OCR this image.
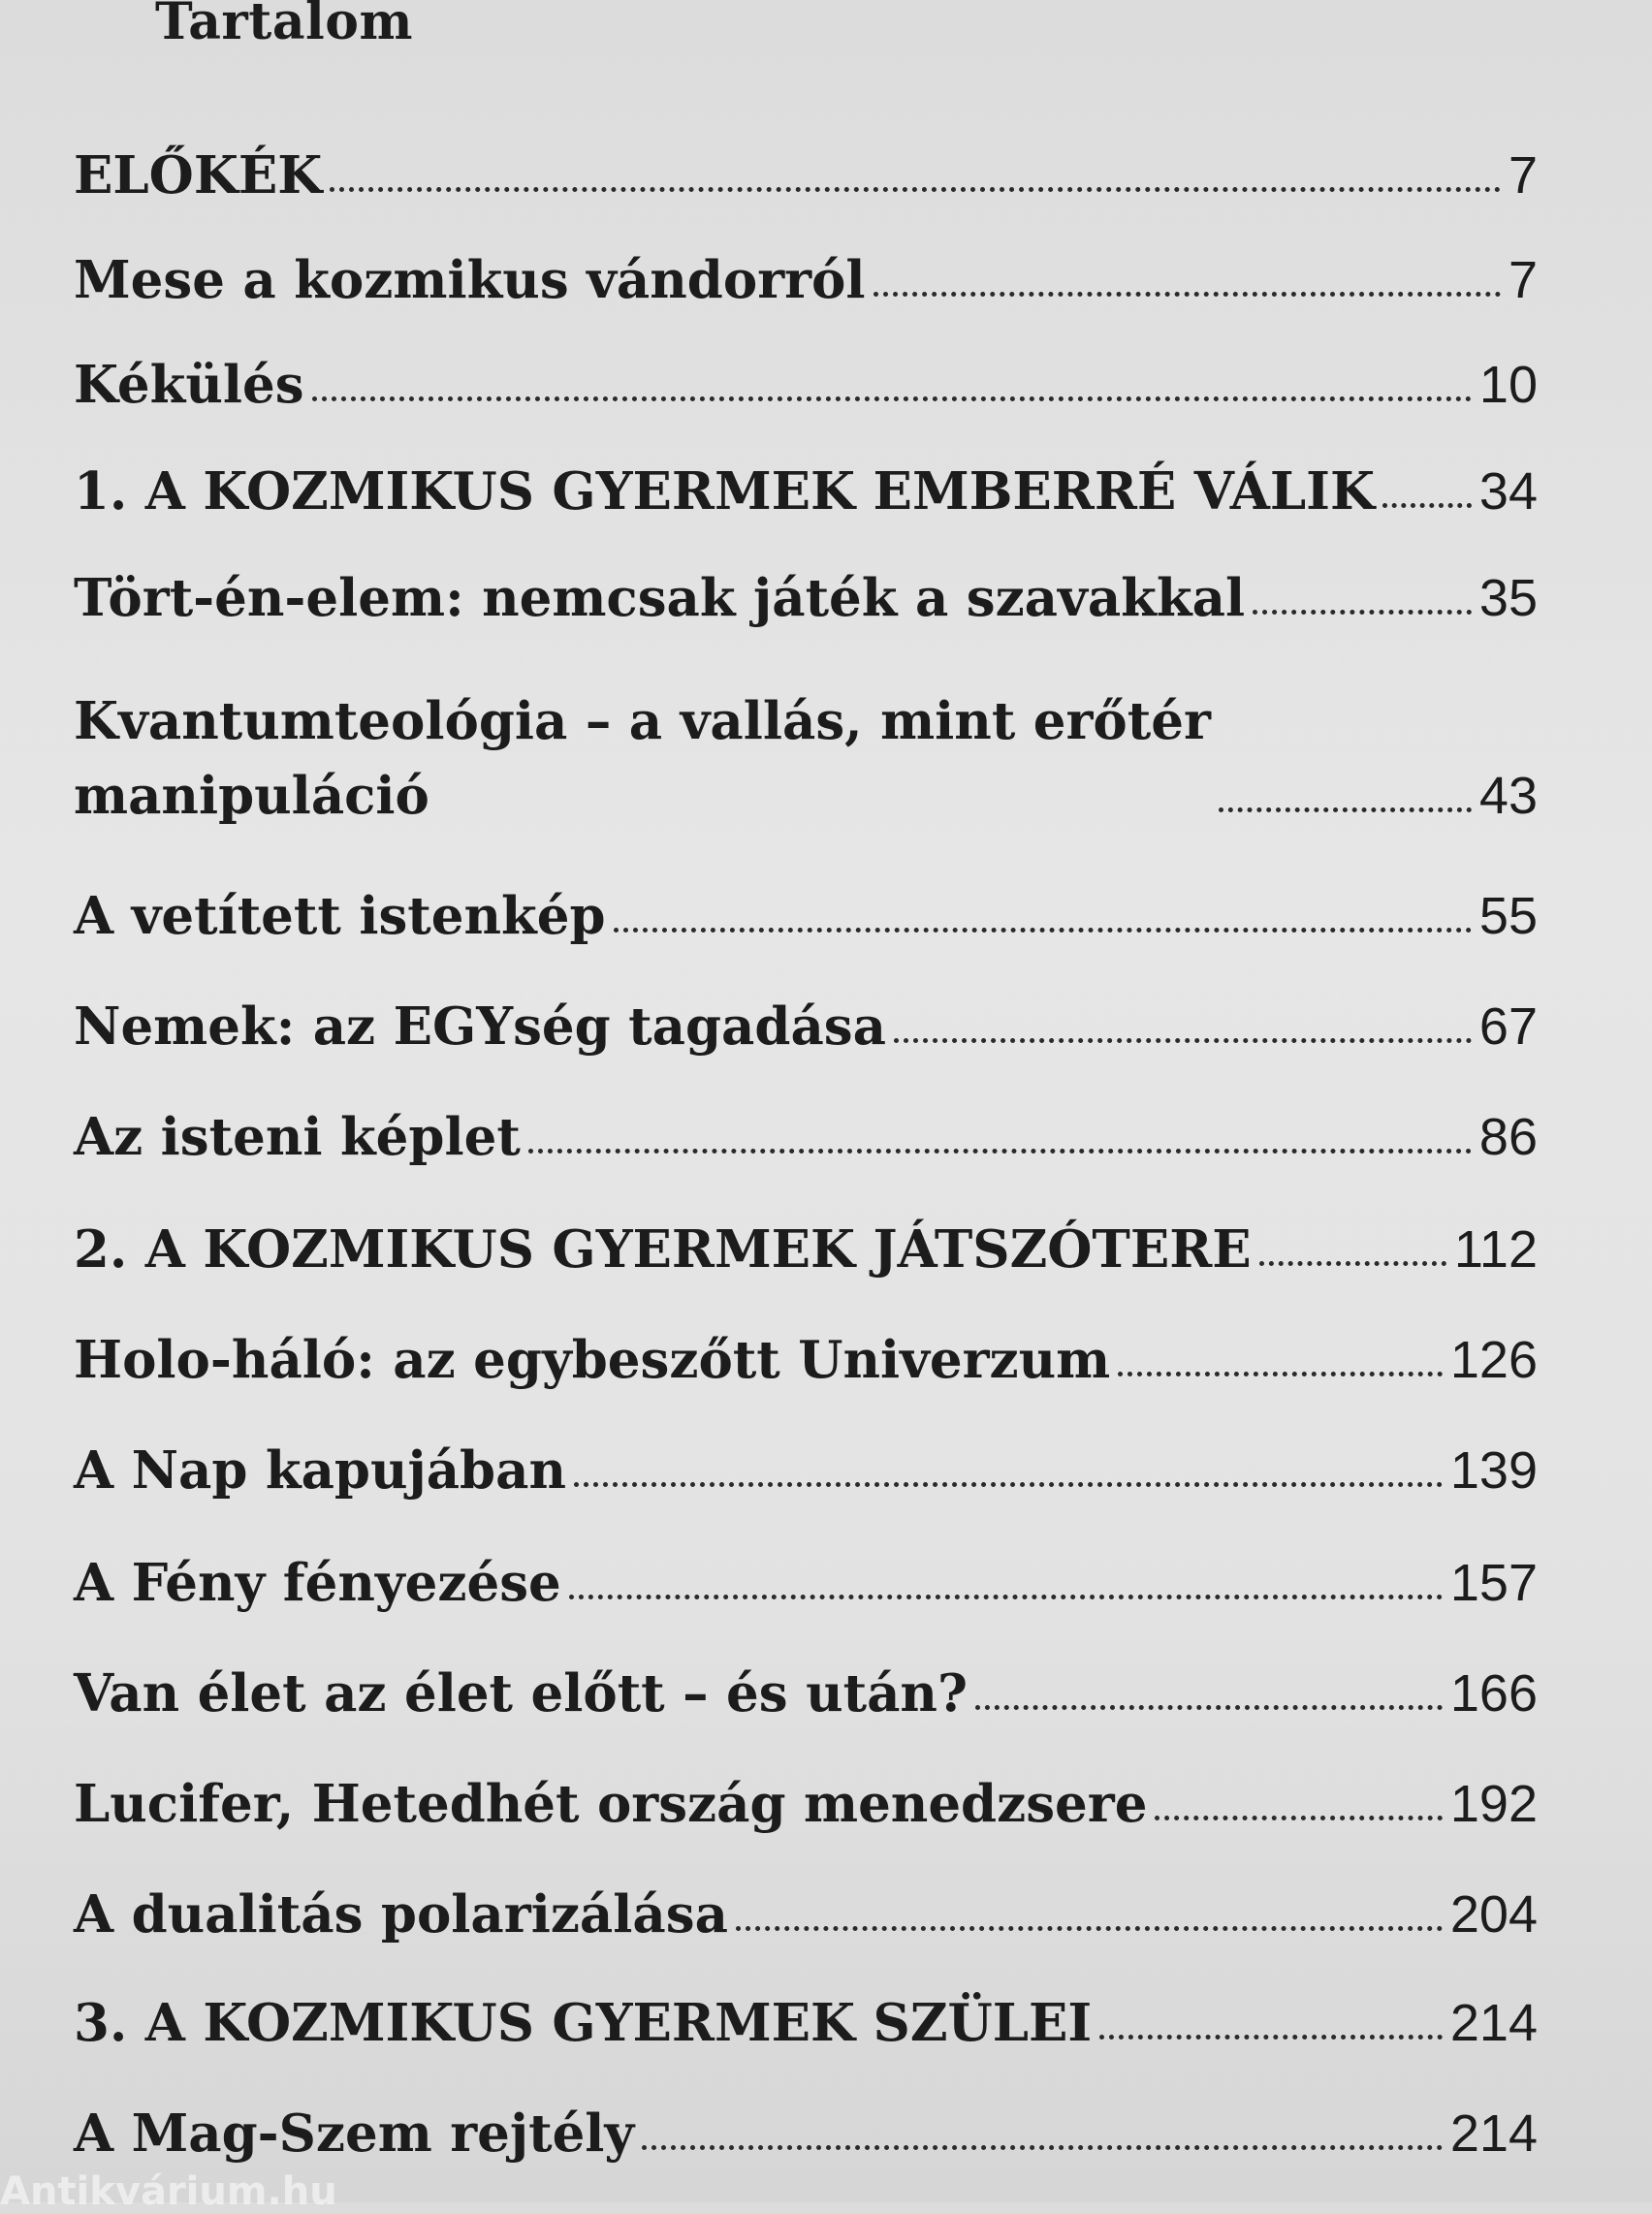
Tartalom
ELŐKÉK	7
Mese a kozmikus vándorról	7
Kékülés	10
1. A KOZMIKUS GYERMEK EMBERRÉ VÁLIK 34
Tört-én-elem: nemcsak játék a szavakkal	35
Kvantumteológia – a vallás, mint erőtér
manipuláció	43
A vetített istenkép	55
Nemek: az EGYség tagadása	67
Az isteni képlet	86
2. A KOZMIKUS GYERMEK JÁTSZÓTERE	112
Holo-háló: az egybeszőtt Univerzum	126
A Nap kapujában	139
A Fény fényezése	157
Van élet az élet előtt – és után?	166
Lucifer, Hetedhét ország menedzsere	192
A dualitás polarizálása	204
3. A KOZMIKUS GYERMEK SZÜLEI	214
A Mag-Szem rejtély	214
Antikvárium.hu
